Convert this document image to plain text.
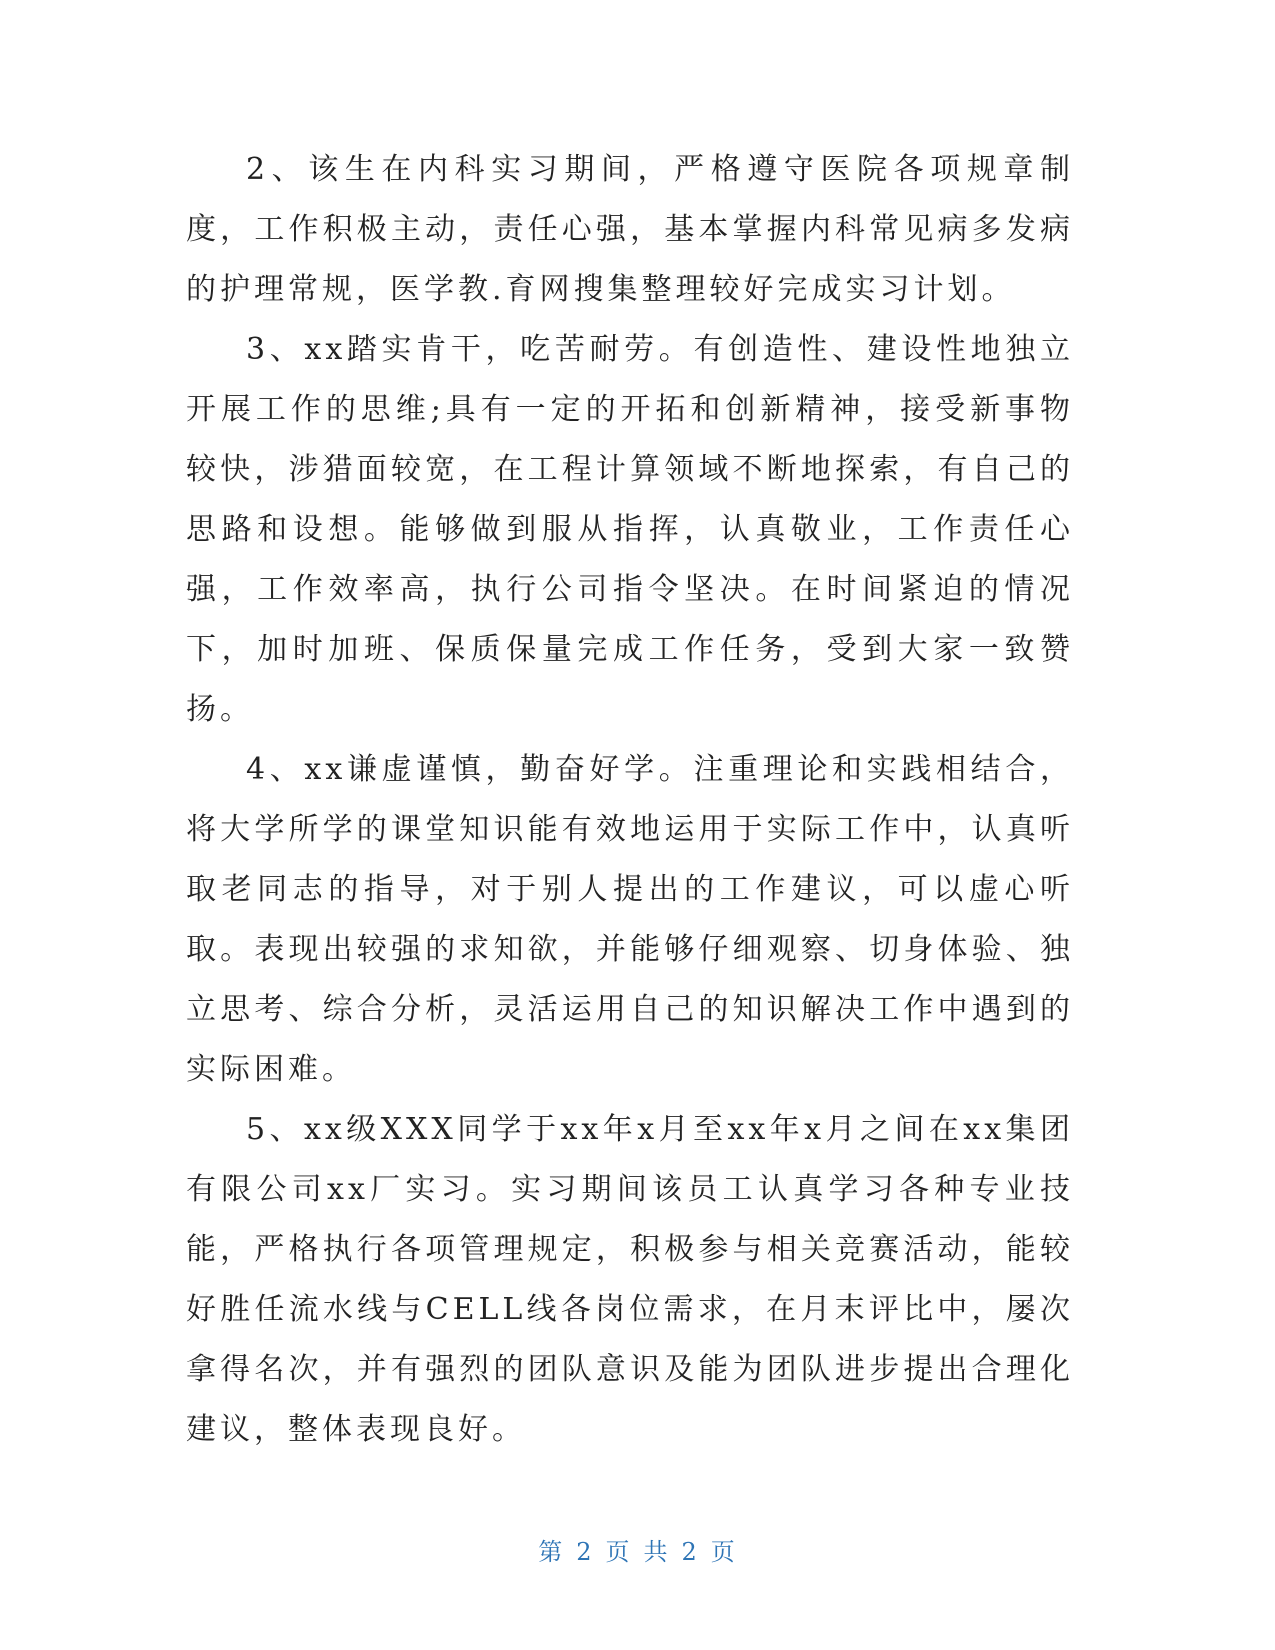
2、该生在内科实习期间，严格遵守医院各项规章制度，工作积极主动，责任心强，基本掌握内科常见病多发病的护理常规，医学教.育网搜集整理较好完成实习计划。

3、xx踏实肯干，吃苦耐劳。有创造性、建设性地独立开展工作的思维;具有一定的开拓和创新精神，接受新事物较快，涉猎面较宽，在工程计算领域不断地探索，有自己的思路和设想。能够做到服从指挥，认真敬业，工作责任心强，工作效率高，执行公司指令坚决。在时间紧迫的情况下，加时加班、保质保量完成工作任务，受到大家一致赞扬。

4、xx谦虚谨慎，勤奋好学。注重理论和实践相结合，将大学所学的课堂知识能有效地运用于实际工作中，认真听取老同志的指导，对于别人提出的工作建议，可以虚心听取。表现出较强的求知欲，并能够仔细观察、切身体验、独立思考、综合分析，灵活运用自己的知识解决工作中遇到的实际困难。

5、xx级XXX同学于xx年x月至xx年x月之间在xx集团有限公司xx厂实习。实习期间该员工认真学习各种专业技能，严格执行各项管理规定，积极参与相关竞赛活动，能较好胜任流水线与CELL线各岗位需求，在月末评比中，屡次拿得名次，并有强烈的团队意识及能为团队进步提出合理化建议，整体表现良好。

第 2 页 共 2 页
